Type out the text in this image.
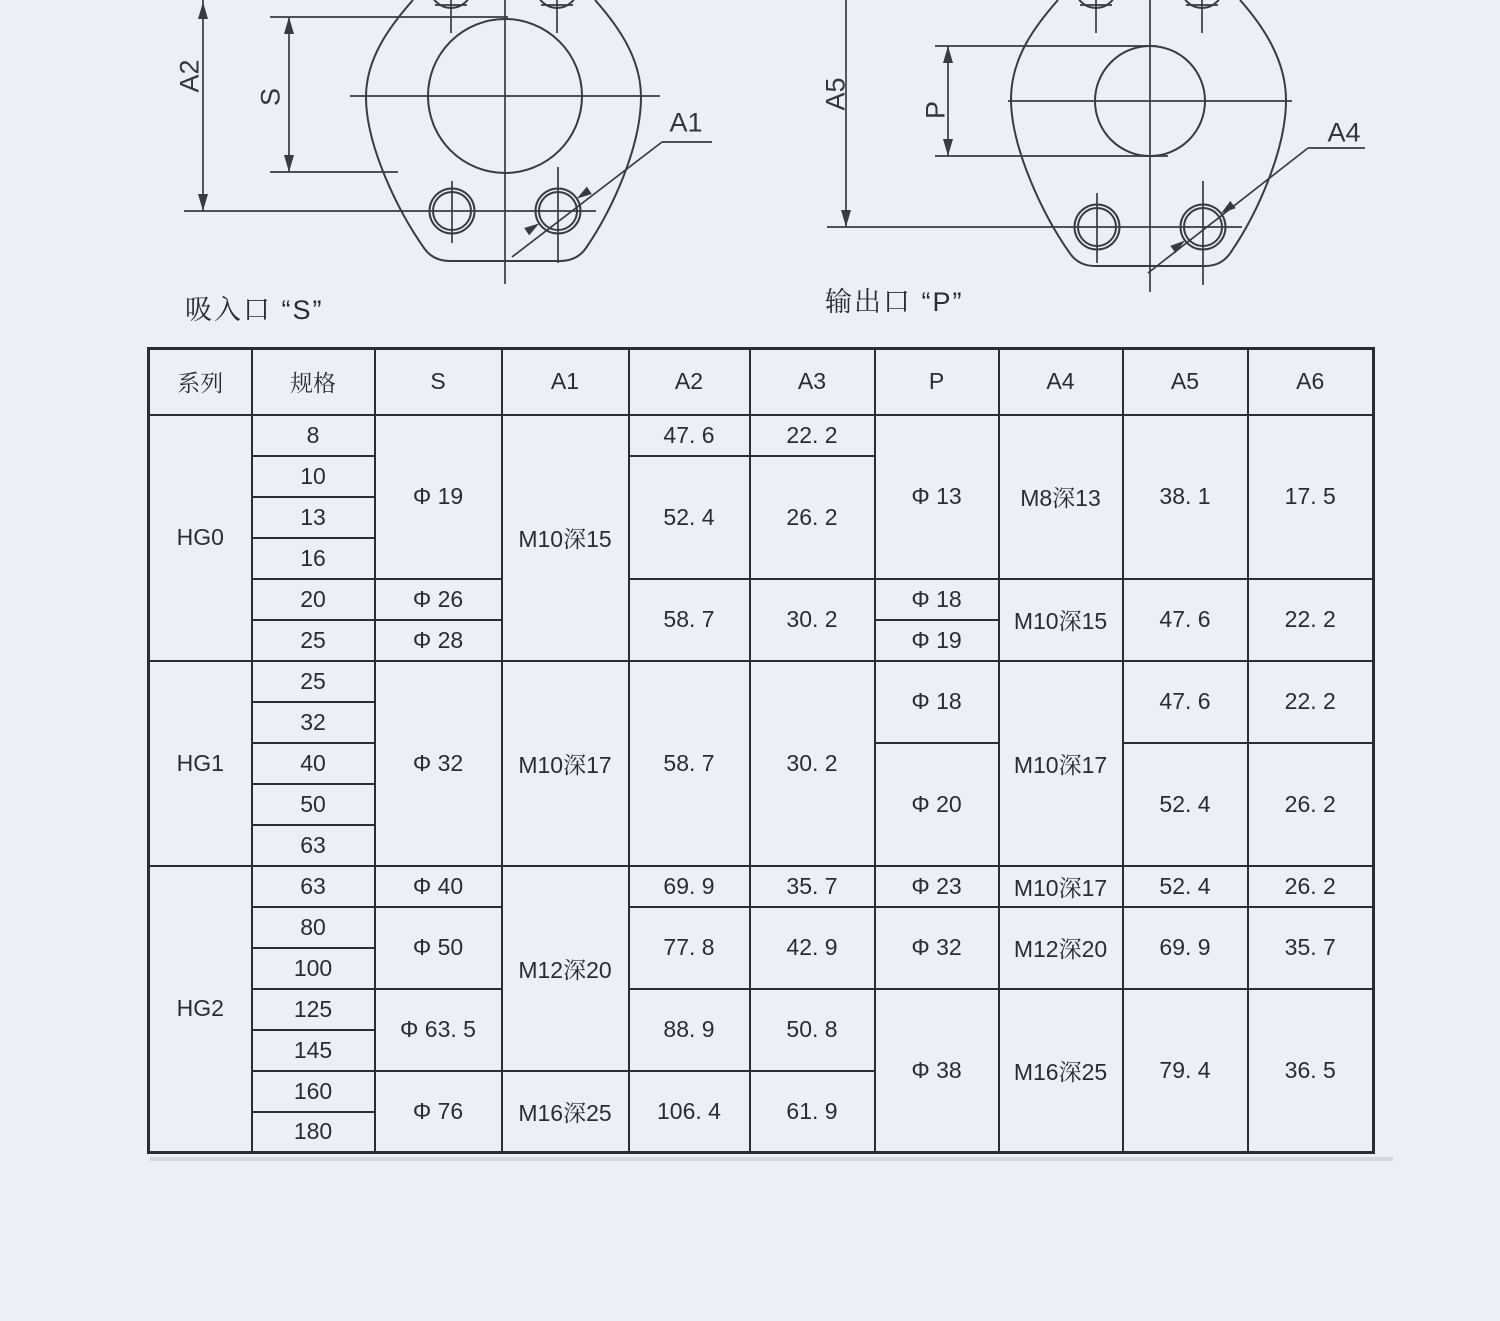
A2
S
A1
A5	P
A4
吸入口 “S”	输出口 “P”
系列	规格	S	A1	A2	A3	P	A4	A5	A6
HG0	8	Φ 19	M10深15	47. 6	22. 2	Φ 13	M8深13	38. 1	17. 5
	10			52. 4	26. 2				
	13								
	16								
	20	Φ 26		58. 7	30. 2	Φ 18	M10深15	47. 6	22. 2
	25	Φ 28				Φ 19			
HG1	25	Φ 32	M10深17	58. 7	30. 2	Φ 18	M10深17	47. 6	22. 2
	32								
	40					Φ 20		52. 4	26. 2
	50								
	63								
HG2	63	Φ 40	M12深20	69. 9	35. 7	Φ 23	M10深17	52. 4	26. 2
	80	Φ 50		77. 8	42. 9	Φ 32	M12深20	69. 9	35. 7
	100								
	125	Φ 63. 5		88. 9	50. 8	Φ 38	M16深25	79. 4	36. 5
	145								
	160	Φ 76	M16深25	106. 4	61. 9				
	180								
